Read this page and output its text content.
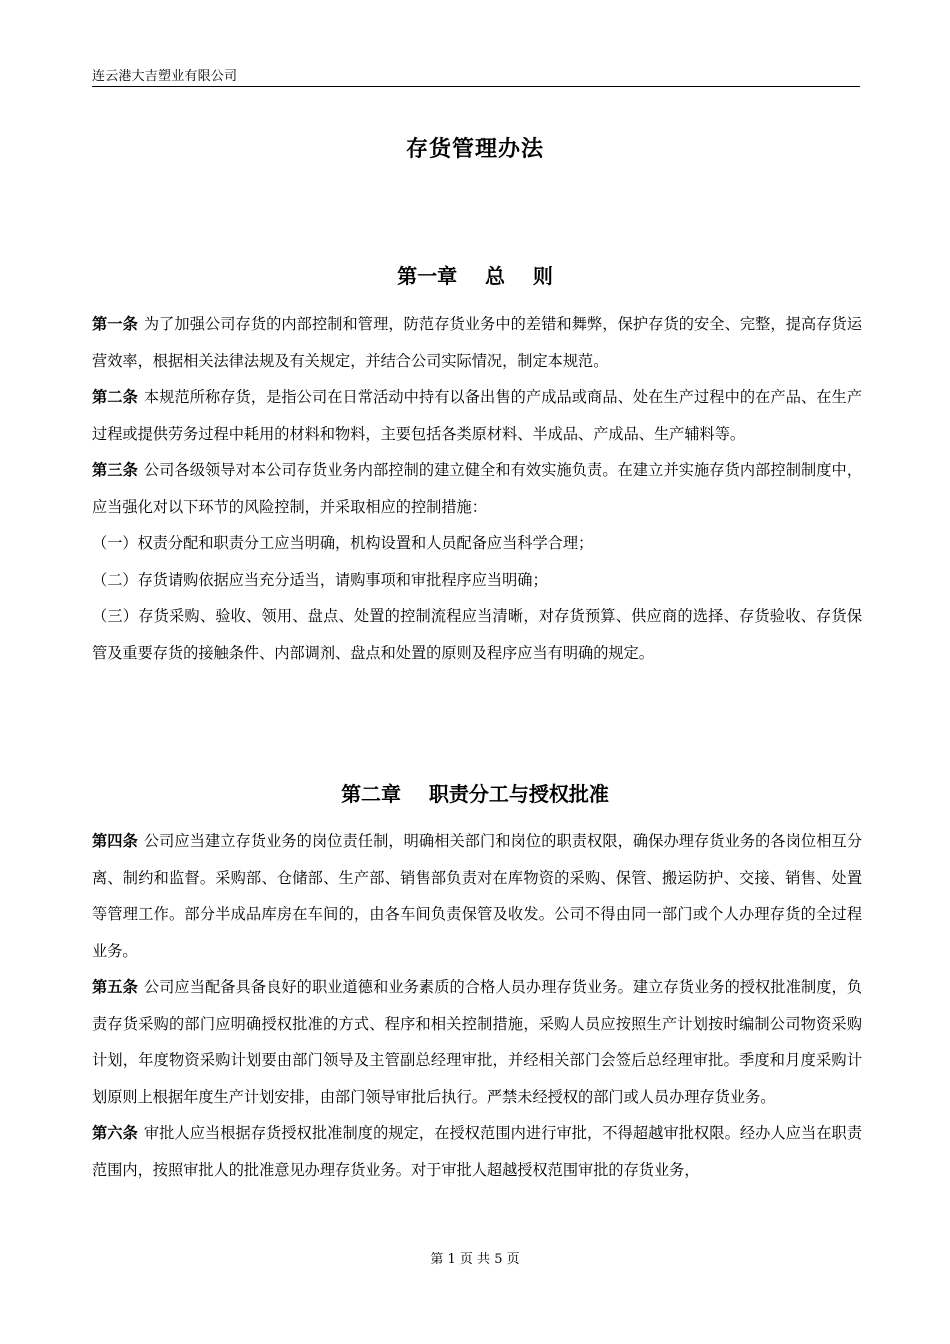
连云港大吉塑业有限公司
存货管理办法
第一章    总    则

第一条 为了加强公司存货的内部控制和管理，防范存货业务中的差错和舞弊，保护存货的安全、完整，提高存货运营效率，根据相关法律法规及有关规定，并结合公司实际情况，制定本规范。

第二条 本规范所称存货，是指公司在日常活动中持有以备出售的产成品或商品、处在生产过程中的在产品、在生产过程或提供劳务过程中耗用的材料和物料，主要包括各类原材料、半成品、产成品、生产辅料等。

第三条 公司各级领导对本公司存货业务内部控制的建立健全和有效实施负责。在建立并实施存货内部控制制度中，应当强化对以下环节的风险控制，并采取相应的控制措施：

（一）权责分配和职责分工应当明确，机构设置和人员配备应当科学合理；

（二）存货请购依据应当充分适当，请购事项和审批程序应当明确；

（三）存货采购、验收、领用、盘点、处置的控制流程应当清晰，对存货预算、供应商的选择、存货验收、存货保管及重要存货的接触条件、内部调剂、盘点和处置的原则及程序应当有明确的规定。

第二章    职责分工与授权批准

第四条 公司应当建立存货业务的岗位责任制，明确相关部门和岗位的职责权限，确保办理存货业务的各岗位相互分离、制约和监督。采购部、仓储部、生产部、销售部负责对在库物资的采购、保管、搬运防护、交接、销售、处置等管理工作。部分半成品库房在车间的，由各车间负责保管及收发。公司不得由同一部门或个人办理存货的全过程业务。

第五条 公司应当配备具备良好的职业道德和业务素质的合格人员办理存货业务。建立存货业务的授权批准制度，负责存货采购的部门应明确授权批准的方式、程序和相关控制措施，采购人员应按照生产计划按时编制公司物资采购计划，年度物资采购计划要由部门领导及主管副总经理审批，并经相关部门会签后总经理审批。季度和月度采购计划原则上根据年度生产计划安排，由部门领导审批后执行。严禁未经授权的部门或人员办理存货业务。

第六条 审批人应当根据存货授权批准制度的规定，在授权范围内进行审批，不得超越审批权限。经办人应当在职责范围内，按照审批人的批准意见办理存货业务。对于审批人超越授权范围审批的存货业务，

第 1 页 共 5 页
